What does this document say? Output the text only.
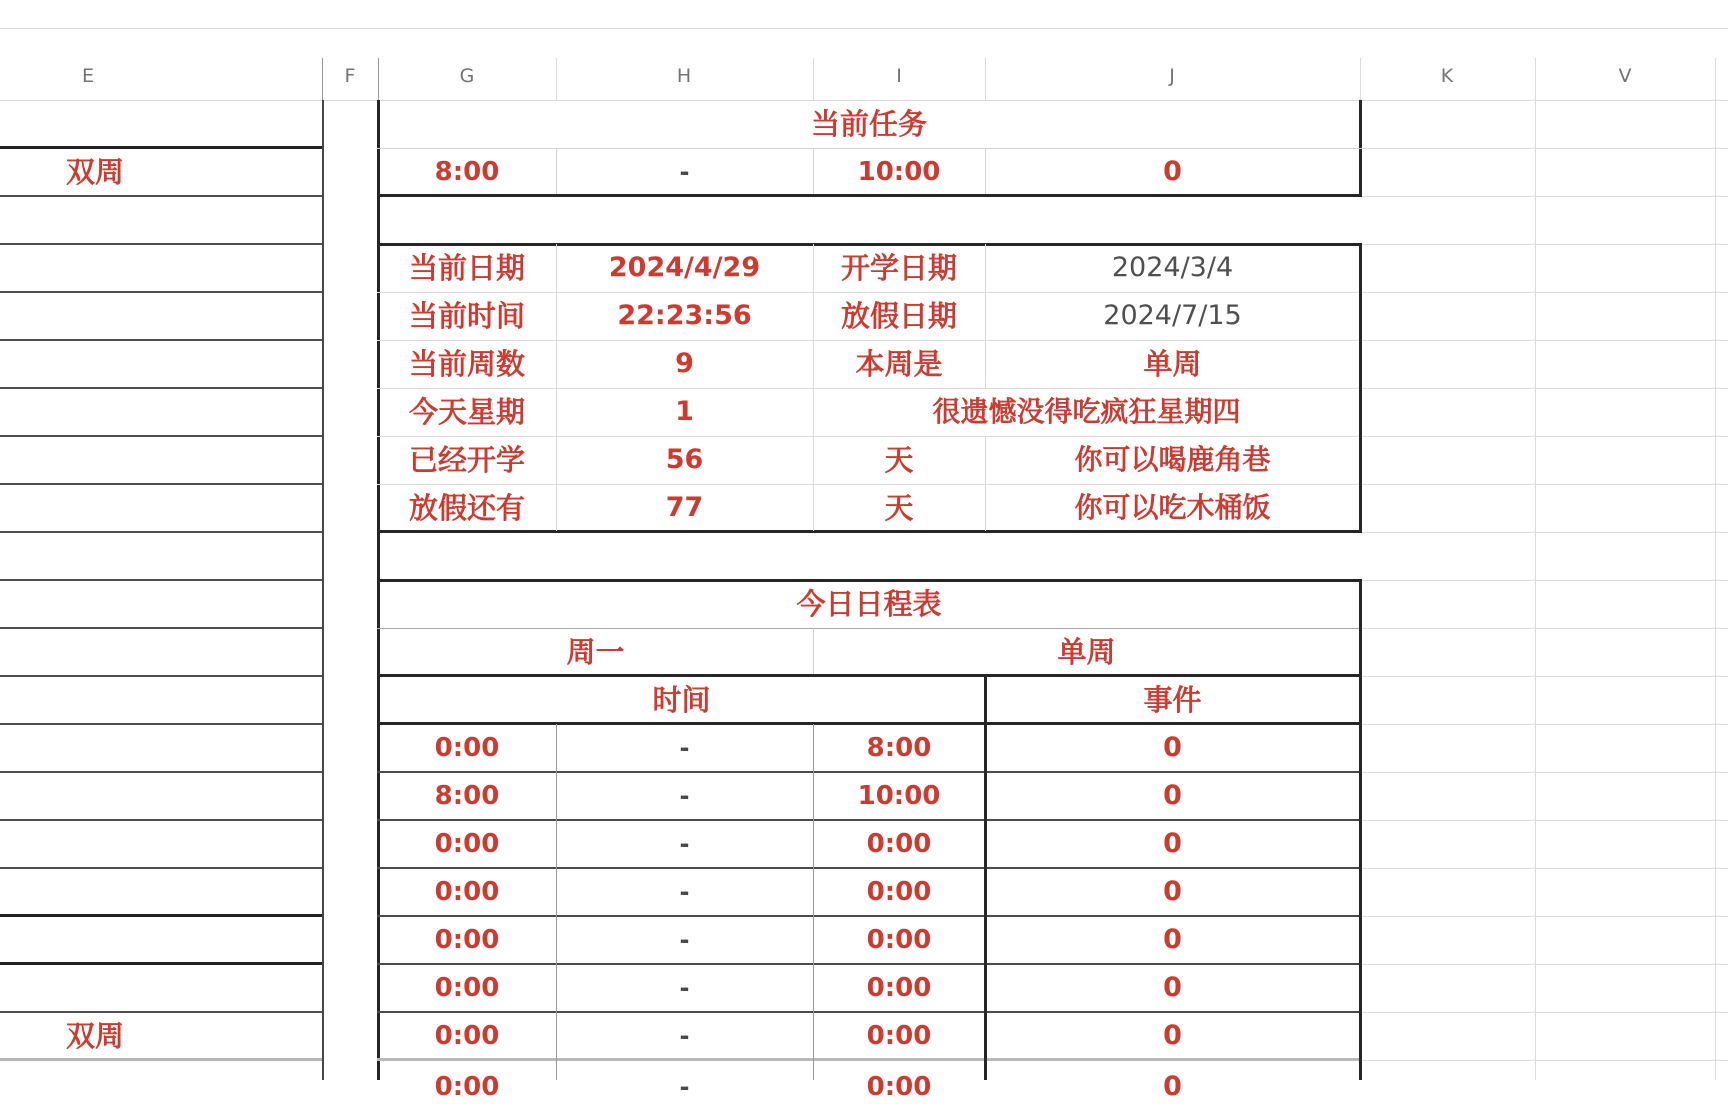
E	F	G	H	I	J	K	V
双周
双周
当前任务
8:00	-	10:00	0
当前日期	2024/4/29	开学日期	2024/3/4
当前时间	22:23:56	放假日期	2024/7/15
当前周数	9	本周是	单周
今天星期	1	很遗憾没得吃疯狂星期四
已经开学	56	天	你可以喝鹿角巷
放假还有	77	天	你可以吃木桶饭
今日日程表
周一	单周
时间	事件
0:00	-	8:00	0
8:00	-	10:00	0
0:00	-	0:00	0
0:00	-	0:00	0
0:00	-	0:00	0
0:00	-	0:00	0
0:00	-	0:00	0
0:00	-	0:00	0
